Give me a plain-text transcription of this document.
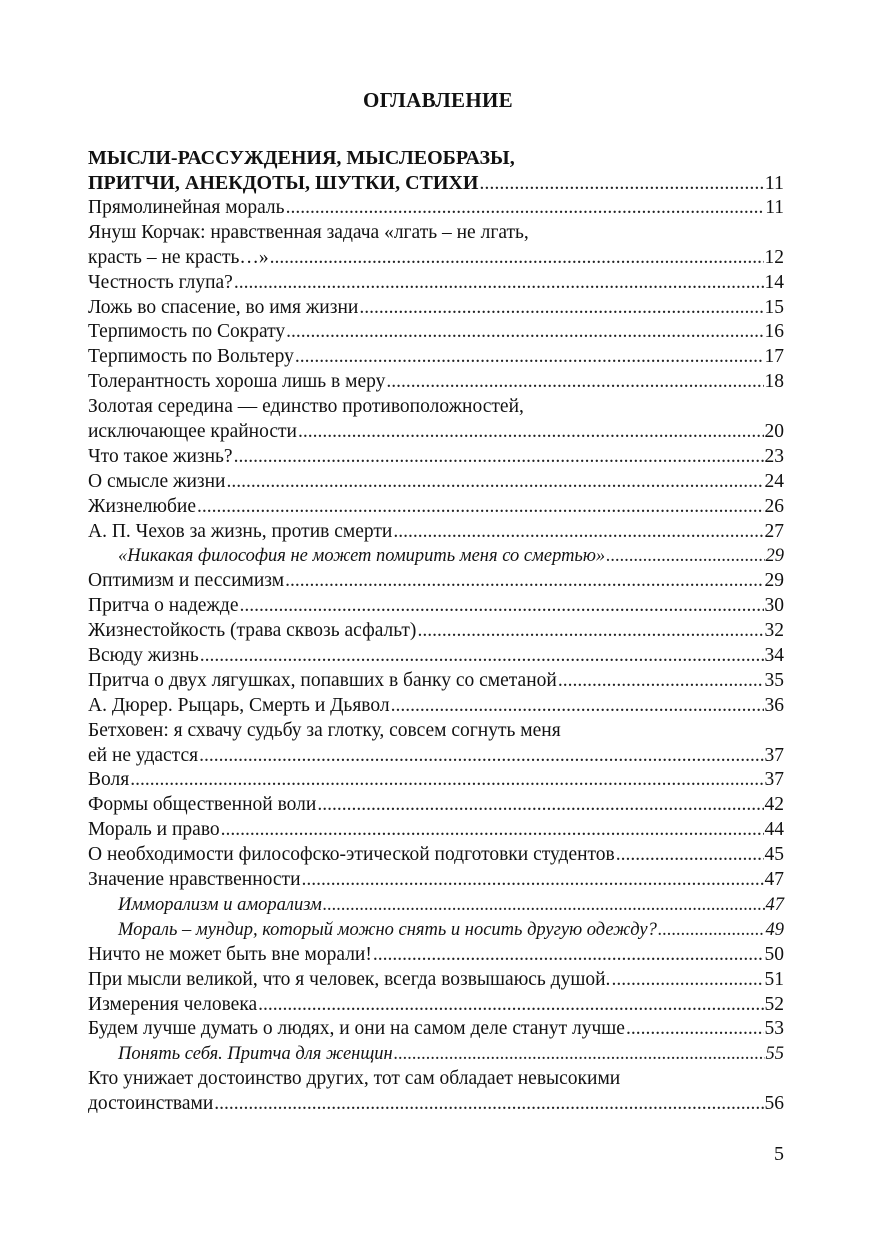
ОГЛАВЛЕНИЕ
МЫСЛИ-РАССУЖДЕНИЯ, МЫСЛЕОБРАЗЫ,
ПРИТЧИ, АНЕКДОТЫ, ШУТКИ, СТИХИ .....	11
Прямолинейная мораль .....	11
Януш Корчак: нравственная задача «лгать – не лгать,
красть – не красть…» .....	12
Честность глупа? .....	14
Ложь во спасение, во имя жизни .....	15
Терпимость по Сократу .....	16
Терпимость по Вольтеру .....	17
Толерантность хороша лишь в меру .....	18
Золотая середина — единство противоположностей,
исключающее крайности .....	20
Что такое жизнь? .....	23
О смысле жизни .....	24
Жизнелюбие .....	26
А. П. Чехов за жизнь, против смерти .....	27
«Никакая философия не может помирить меня со смертью» .....	29
Оптимизм и пессимизм .....	29
Притча о надежде .....	30
Жизнестойкость (трава сквозь асфальт) .....	32
Всюду жизнь .....	34
Притча о двух лягушках, попавших в банку со сметаной .....	35
А. Дюрер. Рыцарь, Смерть и Дьявол .....	36
Бетховен: я схвачу судьбу за глотку, совсем согнуть меня
ей не удастся .....	37
Воля .....	37
Формы общественной воли .....	42
Мораль и право .....	44
О необходимости философско-этической подготовки студентов .....	45
Значение нравственности .....	47
Имморализм и аморализм .....	47
Мораль – мундир, который можно снять и носить другую одежду? .....	49
Ничто не может быть вне морали! .....	50
При мысли великой, что я человек, всегда возвышаюсь душой. .....	51
Измерения человека .....	52
Будем лучше думать о людях, и они на самом деле станут лучше .....	53
Понять себя. Притча для женщин .....	55
Кто унижает достоинство других, тот сам обладает невысокими
достоинствами .....	56
5
